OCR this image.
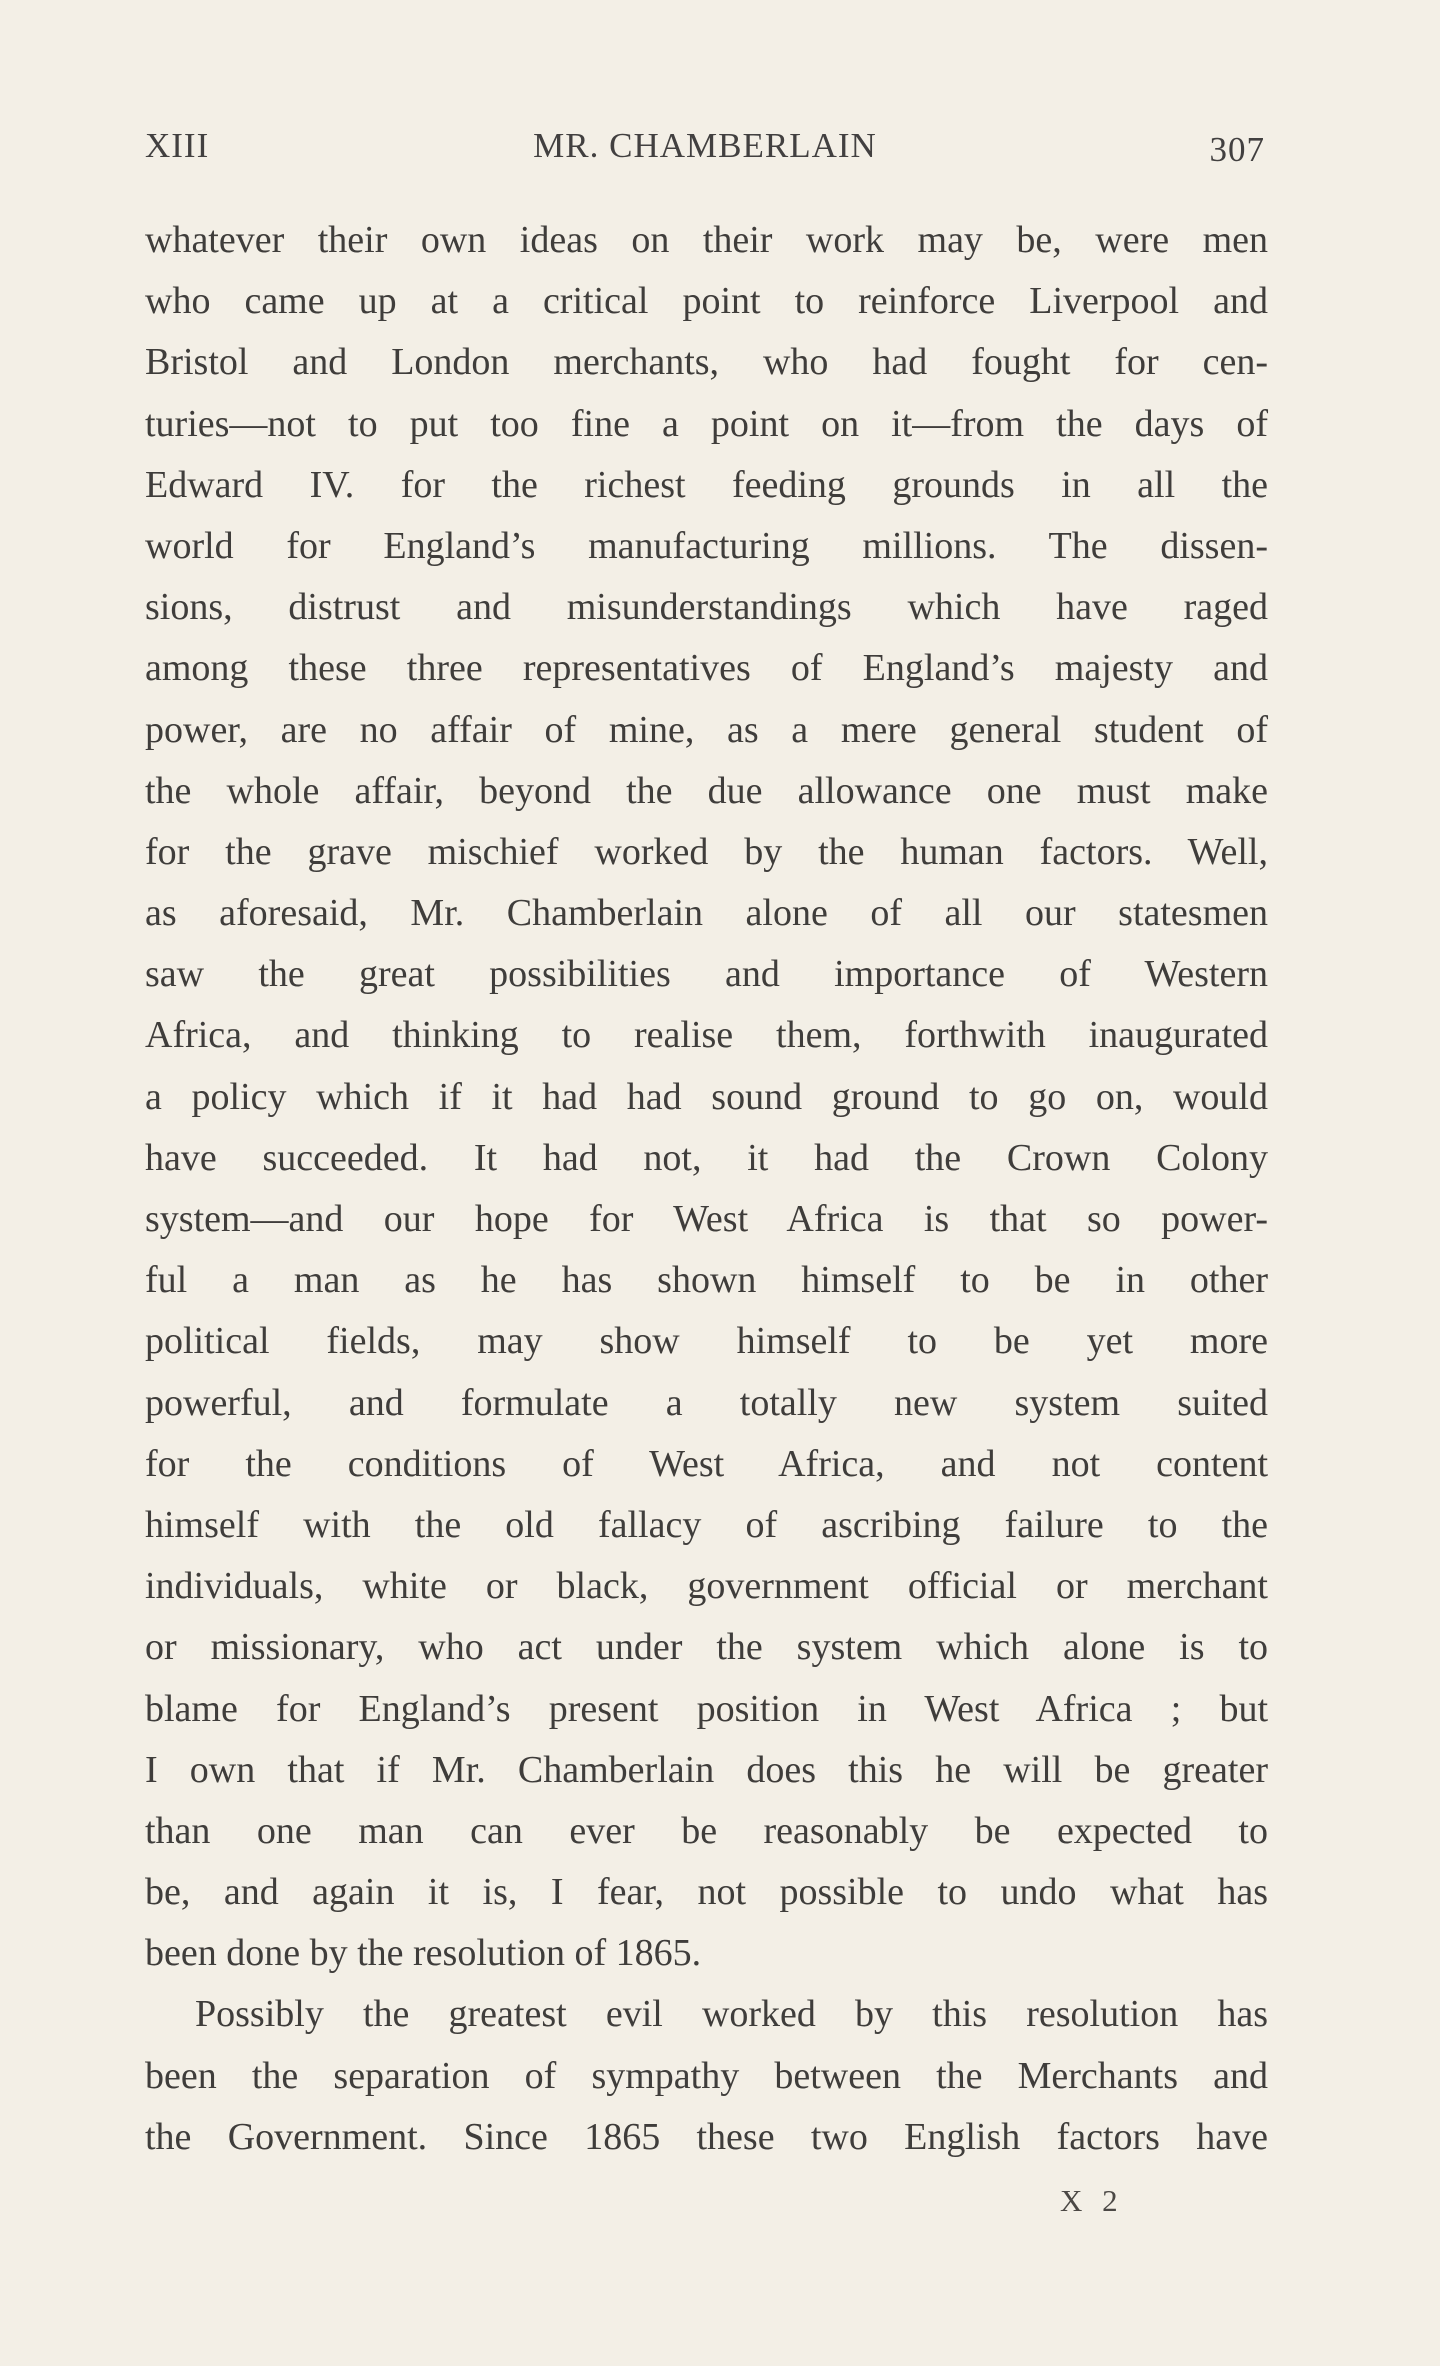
XIII	MR. CHAMBERLAIN	307
whatever their own ideas on their work may be, were men
who came up at a critical point to reinforce Liverpool and
Bristol and London merchants, who had fought for cen-
turies—not to put too fine a point on it—from the days of
Edward IV. for the richest feeding grounds in all the
world for England’s manufacturing millions. The dissen-
sions, distrust and misunderstandings which have raged
among these three representatives of England’s majesty and
power, are no affair of mine, as a mere general student of
the whole affair, beyond the due allowance one must make
for the grave mischief worked by the human factors. Well,
as aforesaid, Mr. Chamberlain alone of all our statesmen
saw the great possibilities and importance of Western
Africa, and thinking to realise them, forthwith inaugurated
a policy which if it had had sound ground to go on, would
have succeeded. It had not, it had the Crown Colony
system—and our hope for West Africa is that so power-
ful a man as he has shown himself to be in other
political fields, may show himself to be yet more
powerful, and formulate a totally new system suited
for the conditions of West Africa, and not content
himself with the old fallacy of ascribing failure to the
individuals, white or black, government official or merchant
or missionary, who act under the system which alone is to
blame for England’s present position in West Africa ; but
I own that if Mr. Chamberlain does this he will be greater
than one man can ever be reasonably be expected to
be, and again it is, I fear, not possible to undo what has
been done by the resolution of 1865.
Possibly the greatest evil worked by this resolution has
been the separation of sympathy between the Merchants and
the Government. Since 1865 these two English factors have
X 2
